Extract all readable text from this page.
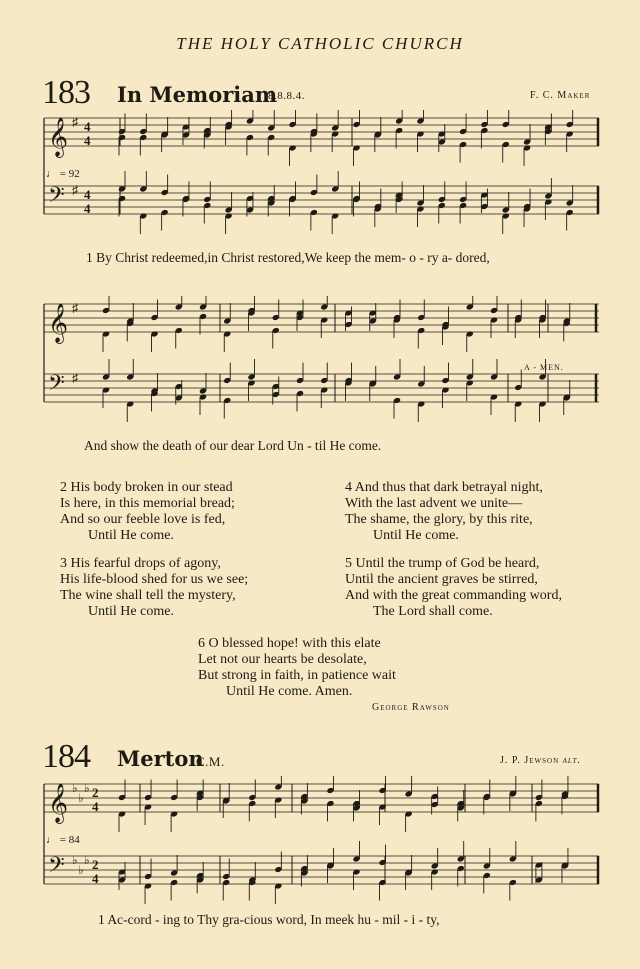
THE HOLY CATHOLIC CHURCH
183 In Memoriam
8.8.8.4.	F. C. Maker
♩ = 92
𝄞 ♯ 4
4
𝄢 ♯ 4
4
1 By Christ redeemed,in Christ restored,We keep the mem- o - ry a- dored,
𝄞 ♯
𝄢 ♯
A - MEN.
And show the death of our dear Lord Un - til He come.
2 His body broken in our stead
Is here, in this memorial bread;
And so our feeble love is fed,
Until He come.
4 And thus that dark betrayal night,
With the last advent we unite—
The shame, the glory, by this rite,
Until He come.
3 His fearful drops of agony,
His life-blood shed for us we see;
The wine shall tell the mystery,
Until He come.
5 Until the trump of God be heard,
Until the ancient graves be stirred,
And with the great commanding word,
The Lord shall come.
6 O blessed hope! with this elate
Let not our hearts be desolate,
But strong in faith, in patience wait
Until He come. Amen.
George Rawson
184 Merton
C.M.	J. P. Jewson alt.
♩ = 84
𝄞 ♭
♭
♭ 2
4
𝄢 ♭
♭
♭ 2
4
1 Ac-cord - ing to Thy gra-cious word, In meek hu - mil - i - ty,
